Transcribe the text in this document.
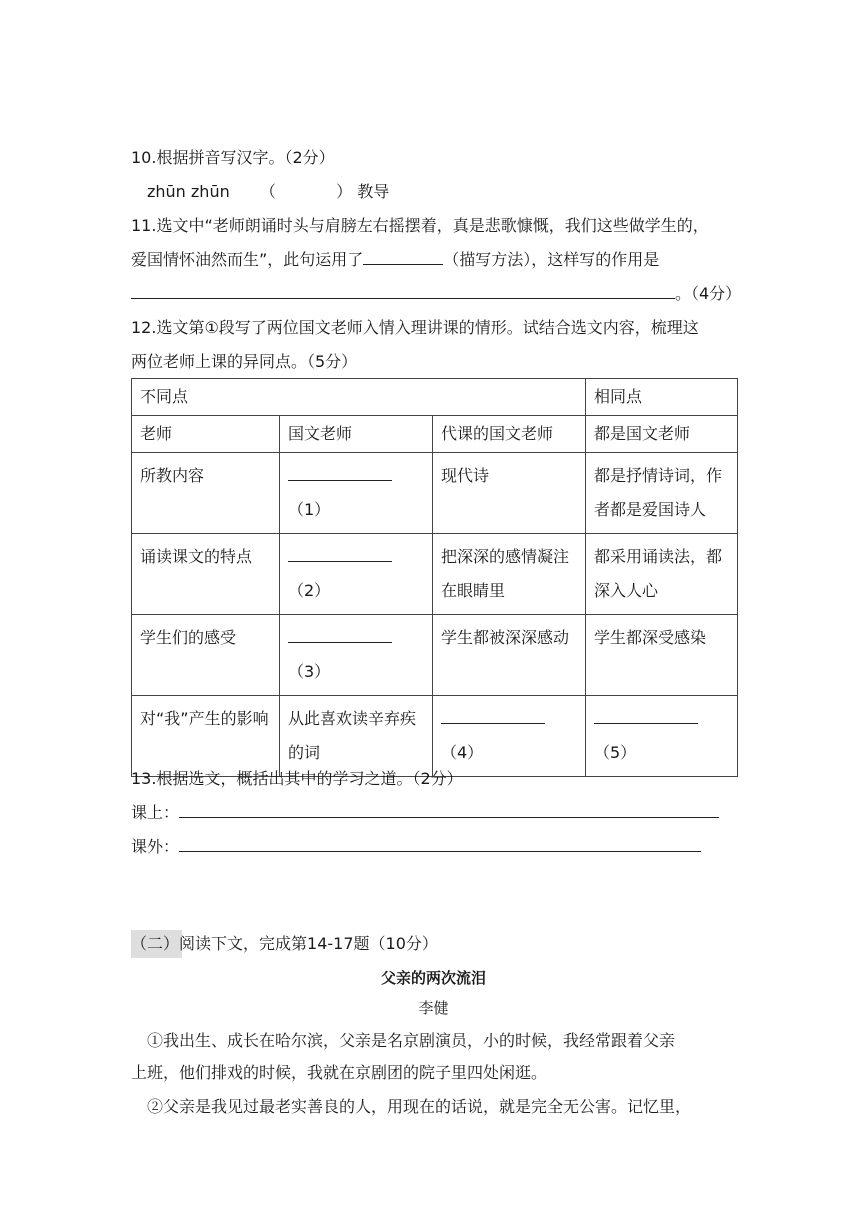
10.根据拼音写汉字。（2分）
zhūn zhūn （	） 教导
11.选文中“老师朗诵时头与肩膀左右摇摆着，真是悲歌慷慨，我们这些做学生的，
爱国情怀油然而生”，此句运用了	（描写方法），这样写的作用是
。（4分）
12.选文第①段写了两位国文老师入情入理讲课的情形。试结合选文内容，梳理这
两位老师上课的异同点。（5分）
不同点			相同点
老师	国文老师	代课的国文老师	都是国文老师
所教内容	（1）	现代诗	都是抒情诗词，作者都是爱国诗人
诵读课文的特点	（2）	把深深的感情凝注在眼睛里	都采用诵读法，都深入人心
学生们的感受	（3）	学生都被深深感动	学生都深受感染
对“我”产生的影响	从此喜欢读辛弃疾的词	（4）	（5）
13.根据选文，概括出其中的学习之道。（2分）
课上：
课外：
（二）阅读下文，完成第14-17题（10分）
父亲的两次流泪
李健
①我出生、成长在哈尔滨，父亲是名京剧演员，小的时候，我经常跟着父亲
上班，他们排戏的时候，我就在京剧团的院子里四处闲逛。
②父亲是我见过最老实善良的人，用现在的话说，就是完全无公害。记忆里，
